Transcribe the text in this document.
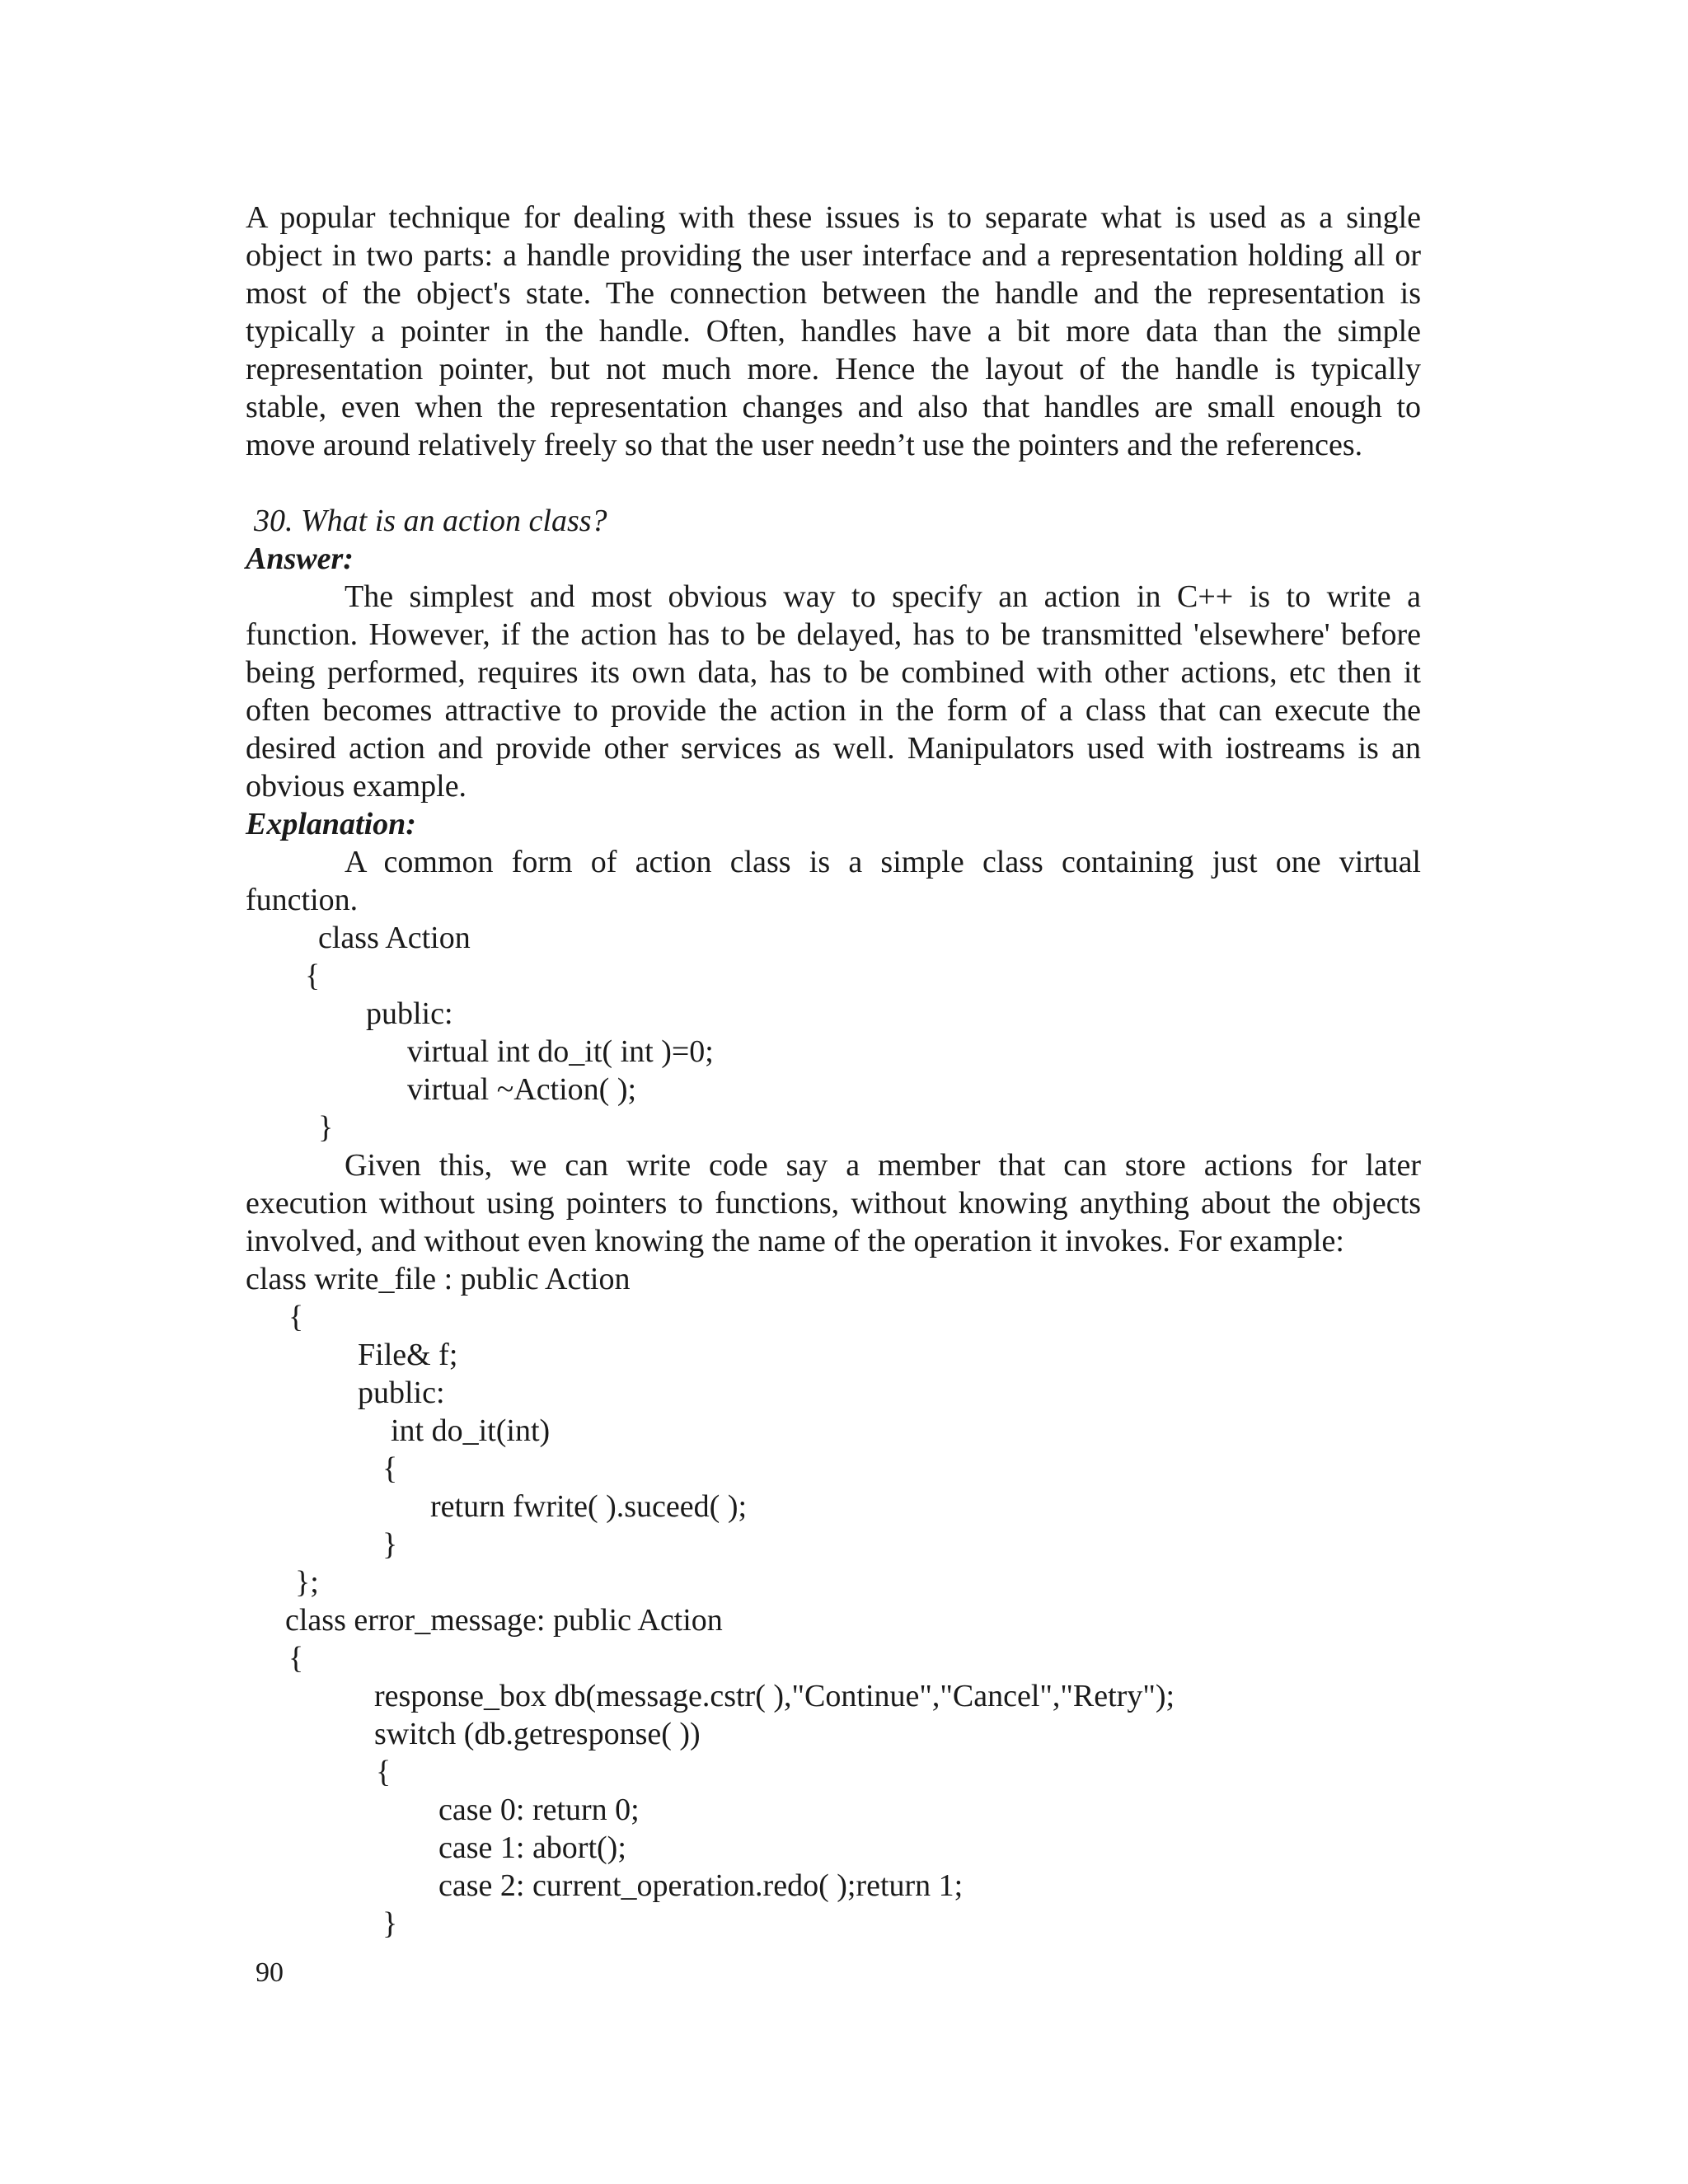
A popular technique for dealing with these issues is to separate what is used as a single
object in two parts: a handle providing the user interface and a representation holding all or
most of the object's state. The connection between the handle and the representation is
typically a pointer in the handle. Often, handles have a bit more data than the simple
representation pointer, but not much more. Hence the layout of the handle is typically
stable, even when the representation changes and also that handles are small enough to
move around relatively freely so that the user needn’t use the pointers and the references.
30. What is an action class?
Answer:
The simplest and most obvious way to specify an action in C++ is to write a
function. However, if the action has to be delayed, has to be transmitted 'elsewhere' before
being performed, requires its own data, has to be combined with other actions, etc then it
often becomes attractive to provide the action in the form of a class that can execute the
desired action and provide other services as well. Manipulators used with iostreams is an
obvious example.
Explanation:
A common form of action class is a simple class containing just one virtual
function.
class Action
{
public:
virtual int do_it( int )=0;
virtual ~Action( );
}
Given this, we can write code say a member that can store actions for later
execution without using pointers to functions, without knowing anything about the objects
involved, and without even knowing the name of the operation it invokes. For example:
class write_file : public Action
{
File& f;
public:
int do_it(int)
{
return fwrite( ).suceed( );
}
};
class error_message: public Action
{
response_box db(message.cstr( ),"Continue","Cancel","Retry");
switch (db.getresponse( ))
{
case 0: return 0;
case 1: abort();
case 2: current_operation.redo( );return 1;
}
90
